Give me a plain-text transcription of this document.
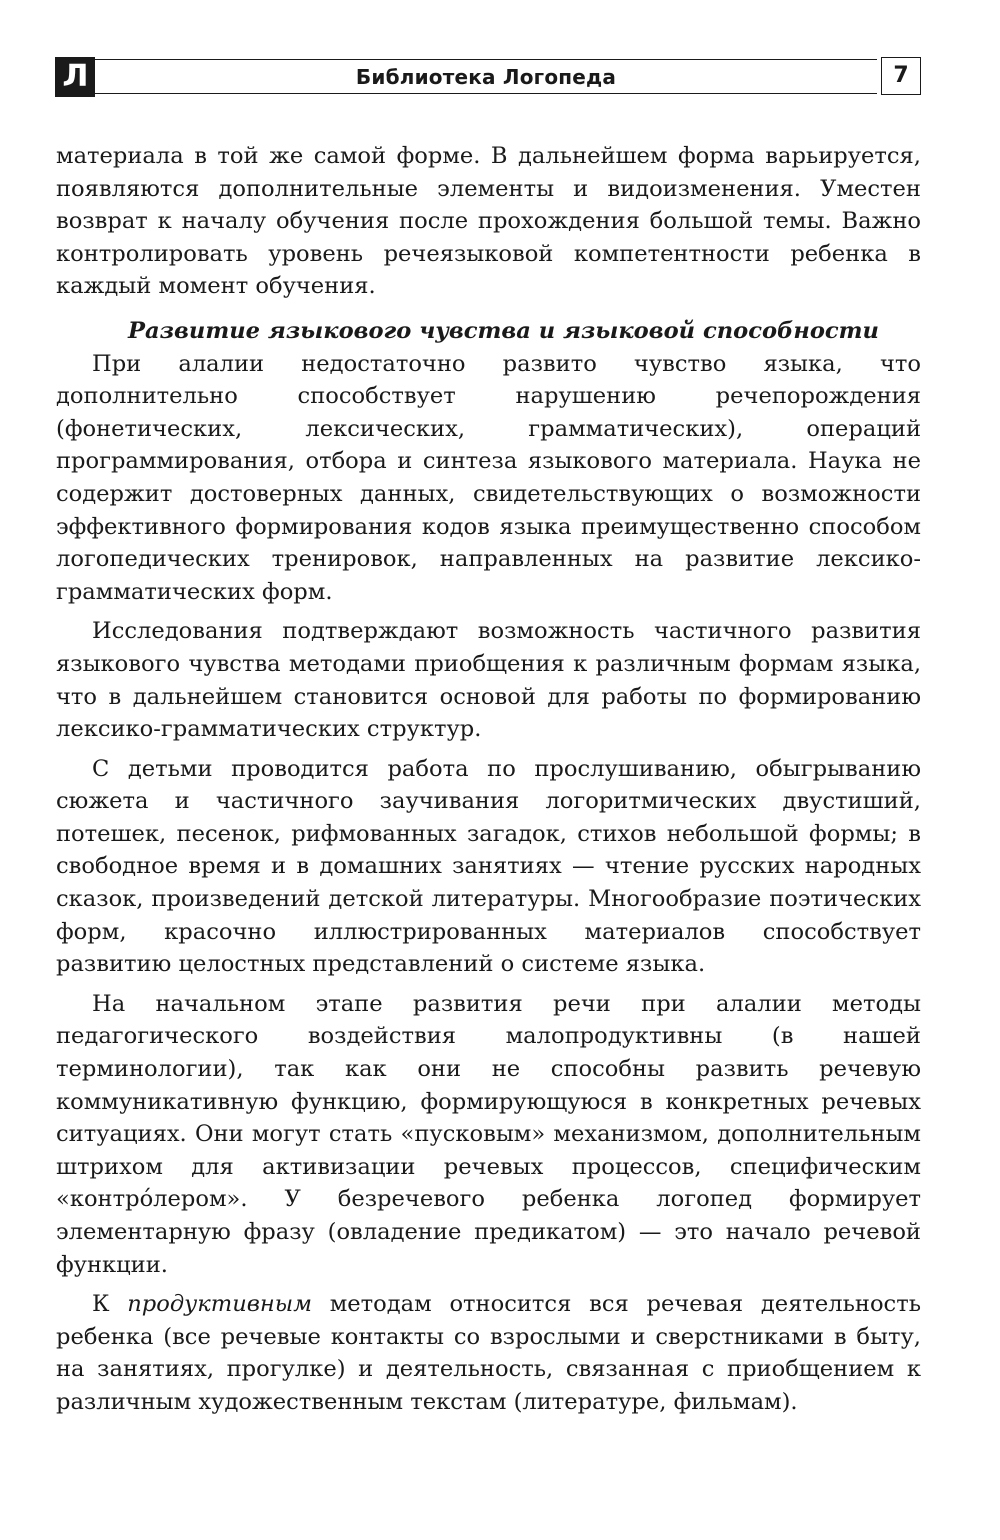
Л	Библиотека Логопеда	7

материала в той же самой форме. В дальнейшем форма варьируется, появляются дополнительные элементы и видоизменения. Уместен возврат к началу обучения после прохождения большой темы. Важно контролировать уровень речеязыковой компетентности ребенка в каждый момент обучения.

Развитие языкового чувства и языковой способности

При алалии недостаточно развито чувство языка, что дополнительно способствует нарушению речепорождения (фонетических, лексических, грамматических), операций программирования, отбора и синтеза языкового материала. Наука не содержит достоверных данных, свидетельствующих о возможности эффективного формирования кодов языка преимущественно способом логопедических тренировок, направленных на развитие лексико-грамматических форм.

Исследования подтверждают возможность частичного развития языкового чувства методами приобщения к различным формам языка, что в дальнейшем становится основой для работы по формированию лексико-грамматических структур.

С детьми проводится работа по прослушиванию, обыгрыванию сюжета и частичного заучивания логоритмических двустиший, потешек, песенок, рифмованных загадок, стихов небольшой формы; в свободное время и в домашних занятиях — чтение русских народных сказок, произведений детской литературы. Многообразие поэтических форм, красочно иллюстрированных материалов способствует развитию целостных представлений о системе языка.

На начальном этапе развития речи при алалии методы педагогического воздействия малопродуктивны (в нашей терминологии), так как они не способны развить речевую коммуникативную функцию, формирующуюся в конкретных речевых ситуациях. Они могут стать «пусковым» механизмом, дополнительным штрихом для активизации речевых процессов, специфическим «контро́лером». У безречевого ребенка логопед формирует элементарную фразу (овладение предикатом) — это начало речевой функции.

К продуктивным методам относится вся речевая деятельность ребенка (все речевые контакты со взрослыми и сверстниками в быту, на занятиях, прогулке) и деятельность, связанная с приобщением к различным художественным текстам (литературе, фильмам).
